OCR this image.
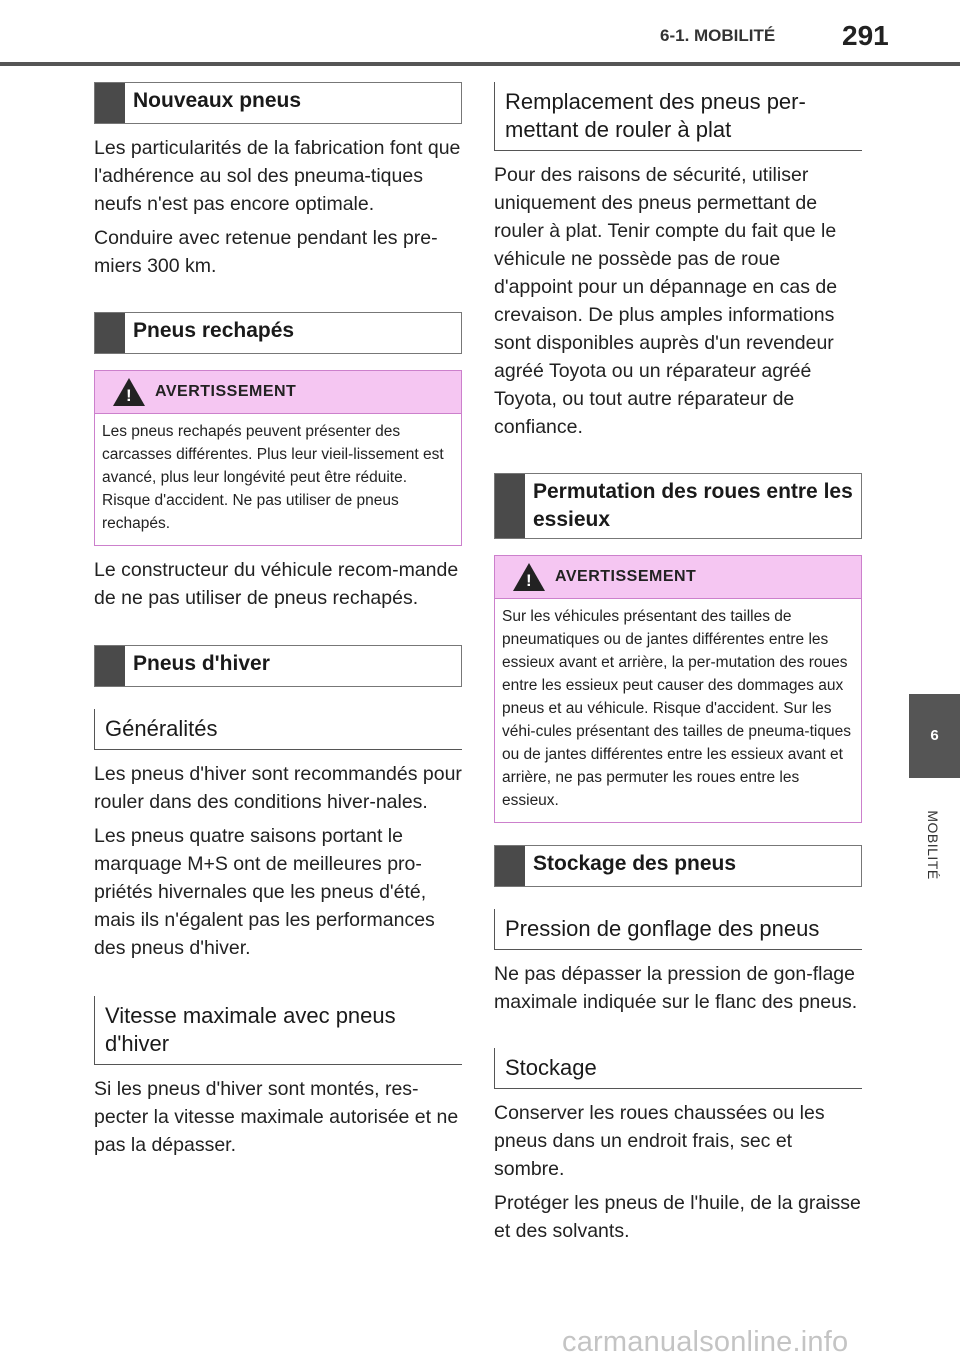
6-1. MOBILITÉ 291
6
MOBILITÉ
Nouveaux pneus

Les particularités de la fabrication font que l'adhérence au sol des pneuma-tiques neufs n'est pas encore optimale.

Conduire avec retenue pendant les pre-miers 300 km.

Pneus rechapés
! AVERTISSEMENT
Les pneus rechapés peuvent présenter des carcasses différentes. Plus leur vieil-lissement est avancé, plus leur longévité peut être réduite. Risque d'accident. Ne pas utiliser de pneus rechapés.

Le constructeur du véhicule recom-mande de ne pas utiliser de pneus rechapés.

Pneus d'hiver
Généralités

Les pneus d'hiver sont recommandés pour rouler dans des conditions hiver-nales.

Les pneus quatre saisons portant le marquage M+S ont de meilleures pro-priétés hivernales que les pneus d'été, mais ils n'égalent pas les performances des pneus d'hiver.

Vitesse maximale avec pneus d'hiver

Si les pneus d'hiver sont montés, res-pecter la vitesse maximale autorisée et ne pas la dépasser.

Remplacement des pneus per-mettant de rouler à plat

Pour des raisons de sécurité, utiliser uniquement des pneus permettant de rouler à plat. Tenir compte du fait que le véhicule ne possède pas de roue d'appoint pour un dépannage en cas de crevaison. De plus amples informations sont disponibles auprès d'un revendeur agréé Toyota ou un réparateur agréé Toyota, ou tout autre réparateur de confiance.

Permutation des roues entre les essieux
! AVERTISSEMENT
Sur les véhicules présentant des tailles de pneumatiques ou de jantes différentes entre les essieux avant et arrière, la per-mutation des roues entre les essieux peut causer des dommages aux pneus et au véhicule. Risque d'accident. Sur les véhi-cules présentant des tailles de pneuma-tiques ou de jantes différentes entre les essieux avant et arrière, ne pas permuter les roues entre les essieux.
Stockage des pneus
Pression de gonflage des pneus

Ne pas dépasser la pression de gon-flage maximale indiquée sur le flanc des pneus.

Stockage

Conserver les roues chaussées ou les pneus dans un endroit frais, sec et sombre.

Protéger les pneus de l'huile, de la graisse et des solvants.

carmanualsonline.info
